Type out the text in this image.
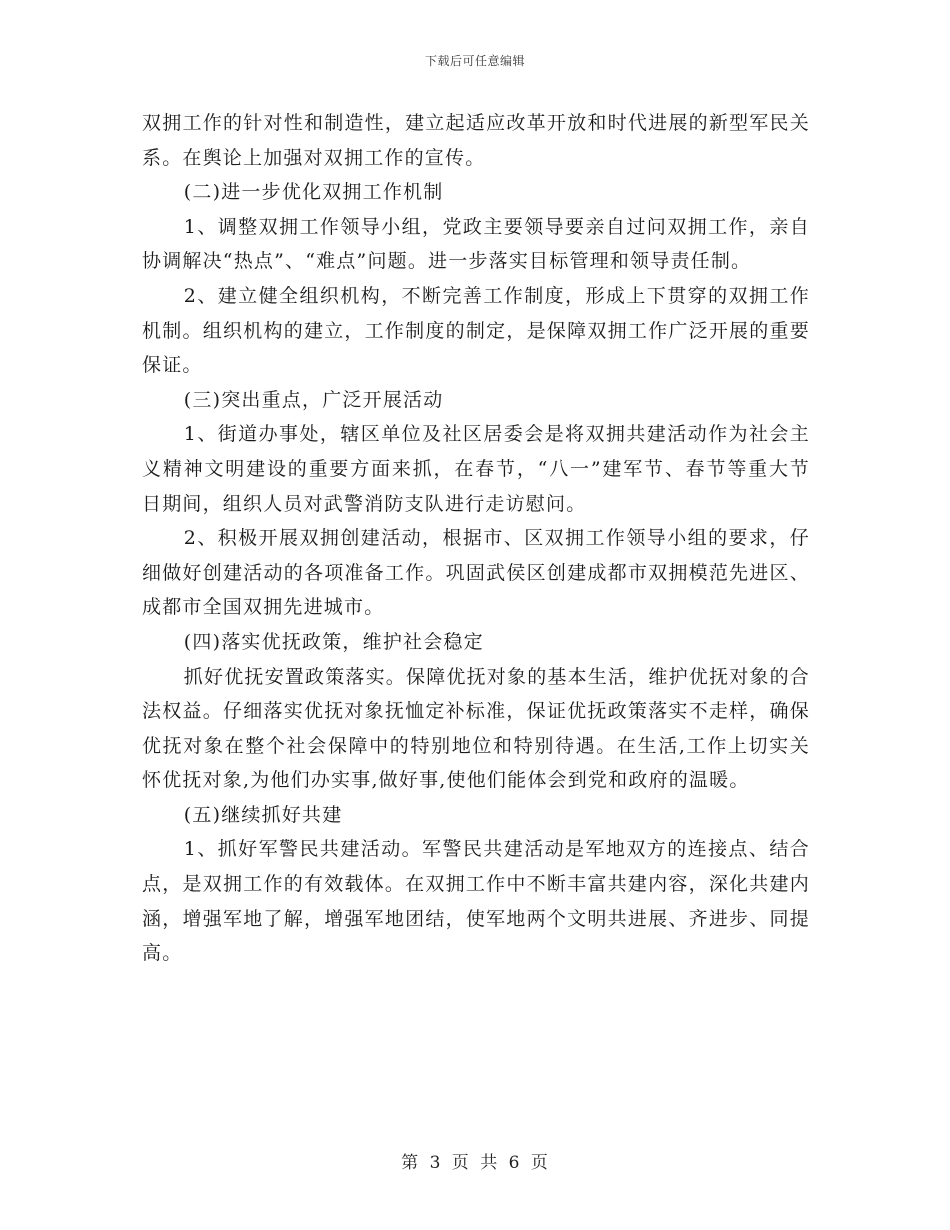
下载后可任意编辑

双拥工作的针对性和制造性，建立起适应改革开放和时代进展的新型军民关系。在舆论上加强对双拥工作的宣传。

(二)进一步优化双拥工作机制

1、调整双拥工作领导小组，党政主要领导要亲自过问双拥工作，亲自协调解决“热点”、“难点”问题。进一步落实目标管理和领导责任制。

2、建立健全组织机构，不断完善工作制度，形成上下贯穿的双拥工作机制。组织机构的建立，工作制度的制定，是保障双拥工作广泛开展的重要保证。

(三)突出重点，广泛开展活动

1、街道办事处，辖区单位及社区居委会是将双拥共建活动作为社会主义精神文明建设的重要方面来抓，在春节，“八一”建军节、春节等重大节日期间，组织人员对武警消防支队进行走访慰问。

2、积极开展双拥创建活动，根据市、区双拥工作领导小组的要求，仔细做好创建活动的各项准备工作。巩固武侯区创建成都市双拥模范先进区、成都市全国双拥先进城市。

(四)落实优抚政策，维护社会稳定

抓好优抚安置政策落实。保障优抚对象的基本生活，维护优抚对象的合法权益。仔细落实优抚对象抚恤定补标准，保证优抚政策落实不走样，确保优抚对象在整个社会保障中的特别地位和特别待遇。在生活,工作上切实关怀优抚对象,为他们办实事,做好事,使他们能体会到党和政府的温暖。

(五)继续抓好共建

1、抓好军警民共建活动。军警民共建活动是军地双方的连接点、结合点，是双拥工作的有效载体。在双拥工作中不断丰富共建内容，深化共建内涵，增强军地了解，增强军地团结，使军地两个文明共进展、齐进步、同提高。

第 3 页 共 6 页
